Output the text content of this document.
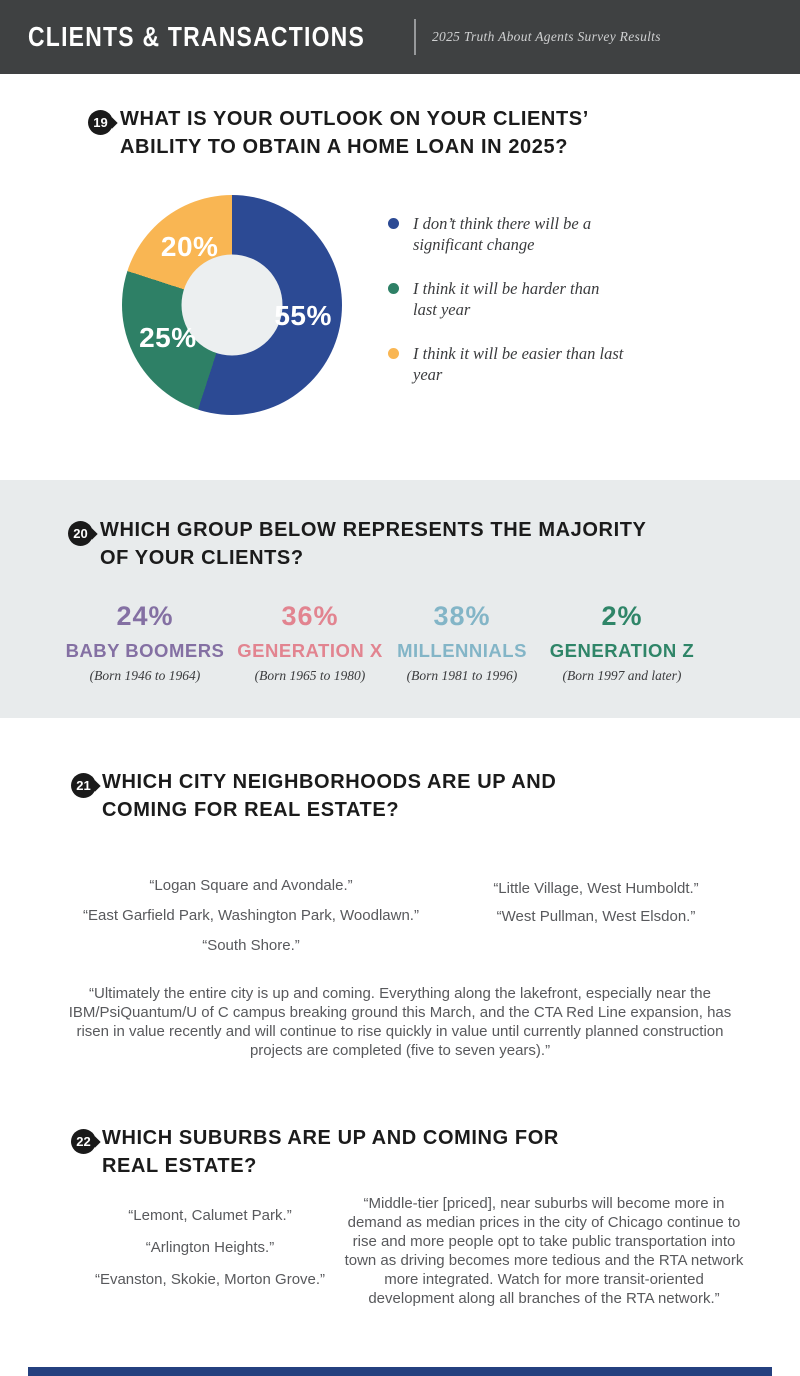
CLIENTS & TRANSACTIONS	2025 Truth About Agents Survey Results
19 WHAT IS YOUR OUTLOOK ON YOUR CLIENTS’
ABILITY TO OBTAIN A HOME LOAN IN 2025?
55%
25%
20%
I don’t think there will be a significant change
I think it will be harder than last year
I think it will be easier than last year
20 WHICH GROUP BELOW REPRESENTS THE MAJORITY
OF YOUR CLIENTS?
24%
BABY BOOMERS
(Born 1946 to 1964)
36%
GENERATION X
(Born 1965 to 1980)
38%
MILLENNIALS
(Born 1981 to 1996)
2%
GENERATION Z
(Born 1997 and later)
21 WHICH CITY NEIGHBORHOODS ARE UP AND
COMING FOR REAL ESTATE?
“Logan Square and Avondale.”
“East Garfield Park, Washington Park, Woodlawn.”
“South Shore.”
“Little Village, West Humboldt.”
“West Pullman, West Elsdon.”
“Ultimately the entire city is up and coming. Everything along the lakefront, especially near the IBM/PsiQuantum/U of C campus breaking ground this March, and the CTA Red Line expansion, has risen in value recently and will continue to rise quickly in value until currently planned construction projects are completed (five to seven years).”
22 WHICH SUBURBS ARE UP AND COMING FOR
REAL ESTATE?
“Lemont, Calumet Park.”
“Arlington Heights.”
“Evanston, Skokie, Morton Grove.”
“Middle-tier [priced], near suburbs will become more in demand as median prices in the city of Chicago continue to rise and more people opt to take public transportation into town as driving becomes more tedious and the RTA network more integrated. Watch for more transit-oriented development along all branches of the RTA network.”
